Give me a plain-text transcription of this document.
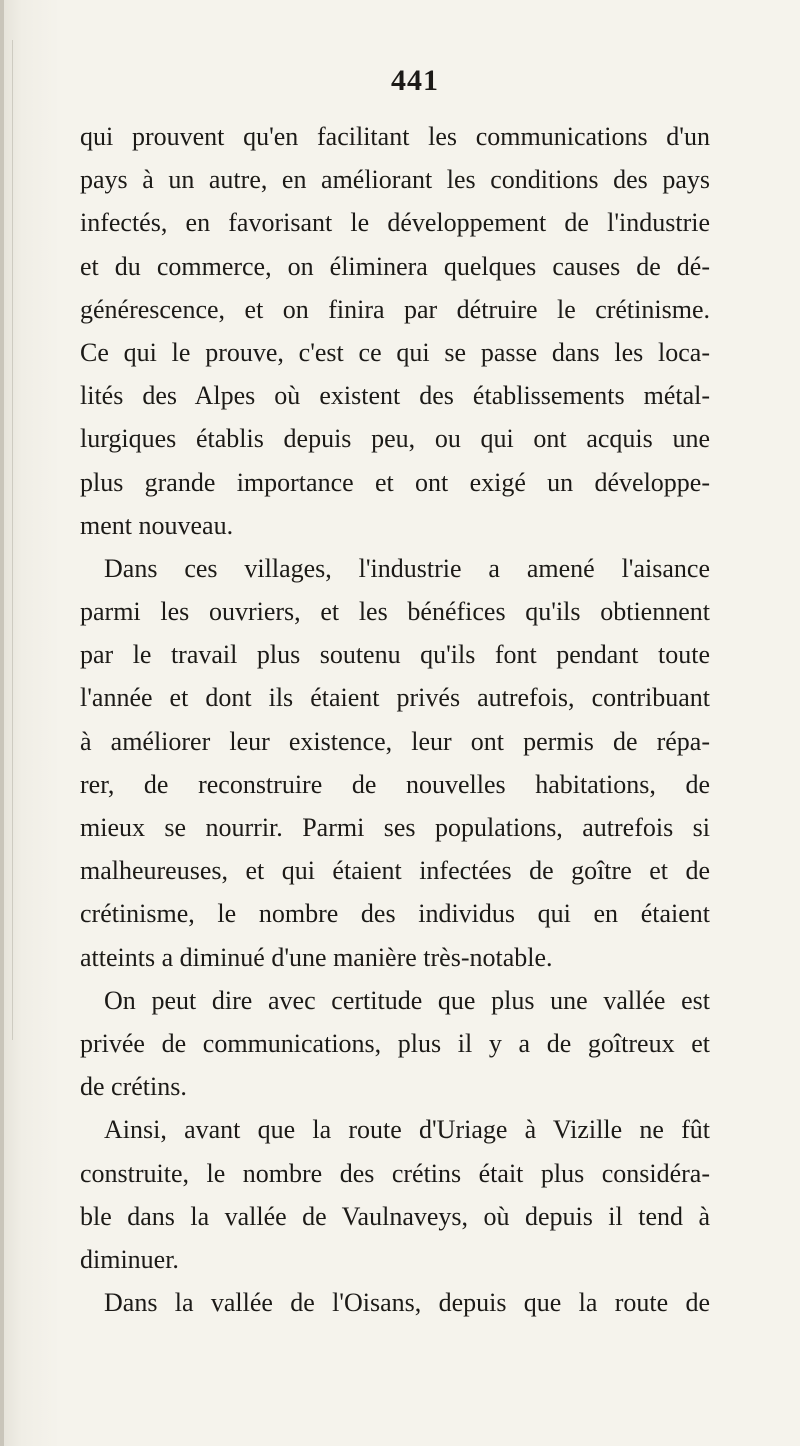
441
qui prouvent qu'en facilitant les communications d'un
pays à un autre, en améliorant les conditions des pays
infectés, en favorisant le développement de l'industrie
et du commerce, on éliminera quelques causes de dé-
générescence, et on finira par détruire le crétinisme.
Ce qui le prouve, c'est ce qui se passe dans les loca-
lités des Alpes où existent des établissements métal-
lurgiques établis depuis peu, ou qui ont acquis une
plus grande importance et ont exigé un développe-
ment nouveau.
Dans ces villages, l'industrie a amené l'aisance
parmi les ouvriers, et les bénéfices qu'ils obtiennent
par le travail plus soutenu qu'ils font pendant toute
l'année et dont ils étaient privés autrefois, contribuant
à améliorer leur existence, leur ont permis de répa-
rer, de reconstruire de nouvelles habitations, de
mieux se nourrir. Parmi ses populations, autrefois si
malheureuses, et qui étaient infectées de goître et de
crétinisme, le nombre des individus qui en étaient
atteints a diminué d'une manière très-notable.
On peut dire avec certitude que plus une vallée est
privée de communications, plus il y a de goîtreux et
de crétins.
Ainsi, avant que la route d'Uriage à Vizille ne fût
construite, le nombre des crétins était plus considéra-
ble dans la vallée de Vaulnaveys, où depuis il tend à
diminuer.
Dans la vallée de l'Oisans, depuis que la route de
